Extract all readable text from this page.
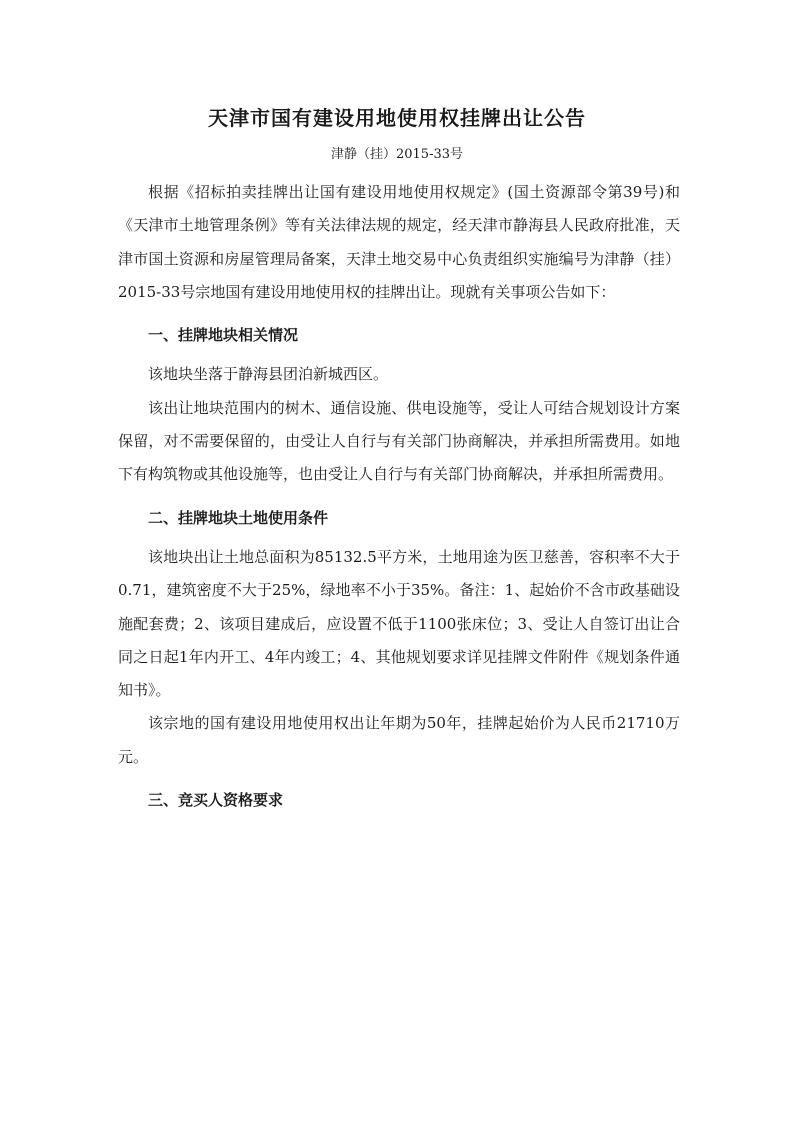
天津市国有建设用地使用权挂牌出让公告

津静（挂）2015-33号

根据《招标拍卖挂牌出让国有建设用地使用权规定》(国土资源部令第39号)和《天津市土地管理条例》等有关法律法规的规定，经天津市静海县人民政府批准，天津市国土资源和房屋管理局备案，天津土地交易中心负责组织实施编号为津静（挂）2015-33号宗地国有建设用地使用权的挂牌出让。现就有关事项公告如下：

一、挂牌地块相关情况

该地块坐落于静海县团泊新城西区。

该出让地块范围内的树木、通信设施、供电设施等，受让人可结合规划设计方案保留，对不需要保留的，由受让人自行与有关部门协商解决，并承担所需费用。如地下有构筑物或其他设施等，也由受让人自行与有关部门协商解决，并承担所需费用。

二、挂牌地块土地使用条件

该地块出让土地总面积为85132.5平方米，土地用途为医卫慈善，容积率不大于0.71，建筑密度不大于25%，绿地率不小于35%。备注：1、起始价不含市政基础设施配套费；2、该项目建成后，应设置不低于1100张床位；3、受让人自签订出让合同之日起1年内开工、4年内竣工；4、其他规划要求详见挂牌文件附件《规划条件通知书》。

该宗地的国有建设用地使用权出让年期为50年，挂牌起始价为人民币21710万元。

三、竞买人资格要求
